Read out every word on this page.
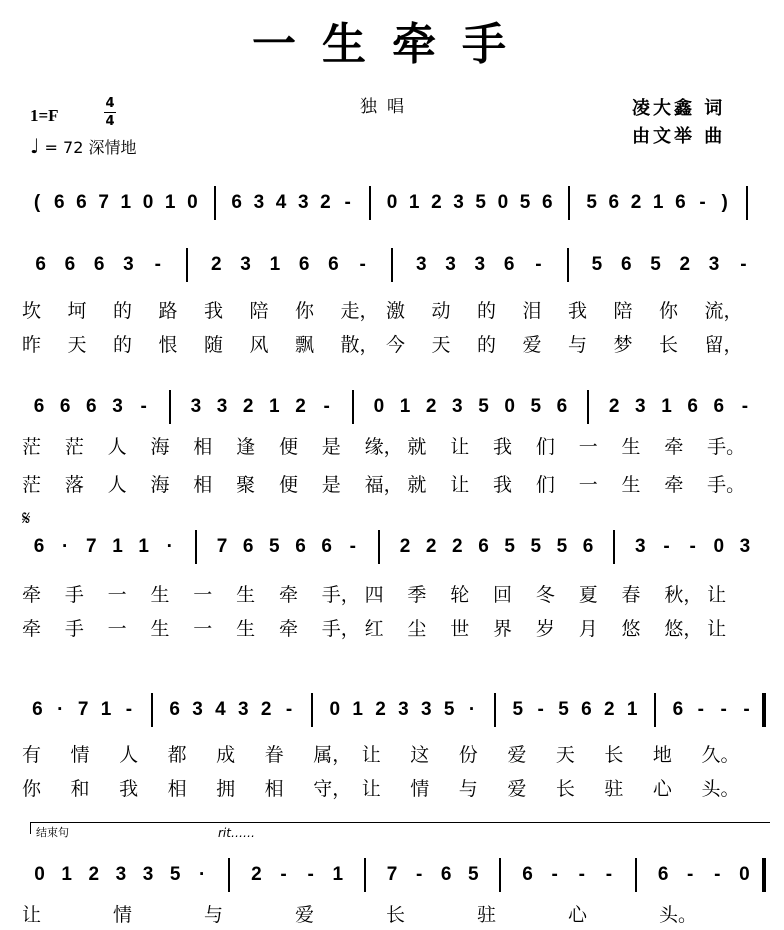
一生牵手
独唱	凌大鑫 词
由文举 曲
1=F
4
4
♩ = 72 深情地
𝄋
结束句	rit……
( 6 6 7 1 0 1 0 6 3 4 3 2 - 0 1 2 3 5 0 5 6 5 6 2 1 6 - )
6 6 6 3 -	2 3 1 6 6 -	3 3 3 6 -	5 6 5 2 3 -
6 6 6 3 - 3 3 2 1 2 - 0 1 2 3 5 0 5 6 2 3 1 6 6 -
6 · 7 1 1 · 7 6 5 6 6 - 2 2 2 6 5 5 5 6 3 - - 0 3
6 · 7 1 - 6 3 4 3 2 - 0 1 2 3 3 5 · 5 - 5 6 2 1 6 - - -
0 1 2 3 3 5 · 2 - - 1 7 - 6 5 6 - - - 6 - - 0
坎 坷 的 路 我 陪 你 走， 激 动 的 泪 我 陪 你 流，
昨 天 的 恨 随 风 飘 散， 今 天 的 爱 与 梦 长 留，
茫 茫 人 海 相 逢 便 是 缘， 就 让 我 们 一 生 牵 手。
茫 落 人 海 相 聚 便 是 福， 就 让 我 们 一 生 牵 手。
牵 手 一 生 一 生 牵 手， 四 季 轮 回 冬 夏 春 秋， 让
牵 手 一 生 一 生 牵 手， 红 尘 世 界 岁 月 悠 悠， 让
有 情 人 都 成 眷 属， 让 这 份 爱 天 长 地 久。
你 和 我 相 拥 相 守， 让 情 与 爱 长 驻 心 头。
让	情	与	爱	长	驻	心	头。
